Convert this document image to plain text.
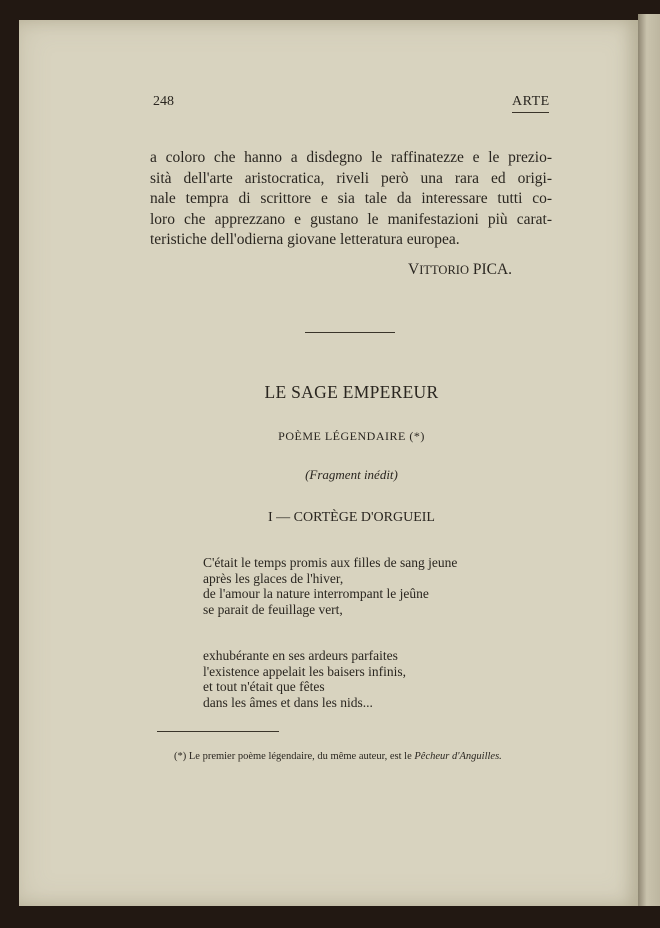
248	ARTE
a coloro che hanno a disdegno le raffinatezze e le prezio-
sità dell'arte aristocratica, riveli però una rara ed origi-
nale tempra di scrittore e sia tale da interessare tutti co-
loro che apprezzano e gustano le manifestazioni più carat-
teristiche dell'odierna giovane letteratura europea.
VITTORIO PICA.
LE SAGE EMPEREUR
POÈME LÉGENDAIRE (*)
(Fragment inédit)
I — CORTÈGE D'ORGUEIL
C'était le temps promis aux filles de sang jeune
après les glaces de l'hiver,
de l'amour la nature interrompant le jeûne
se parait de feuillage vert,
exhubérante en ses ardeurs parfaites
l'existence appelait les baisers infinis,
et tout n'était que fêtes
dans les âmes et dans les nids...
(*) Le premier poème légendaire, du même auteur, est le Pêcheur d'Anguilles.
